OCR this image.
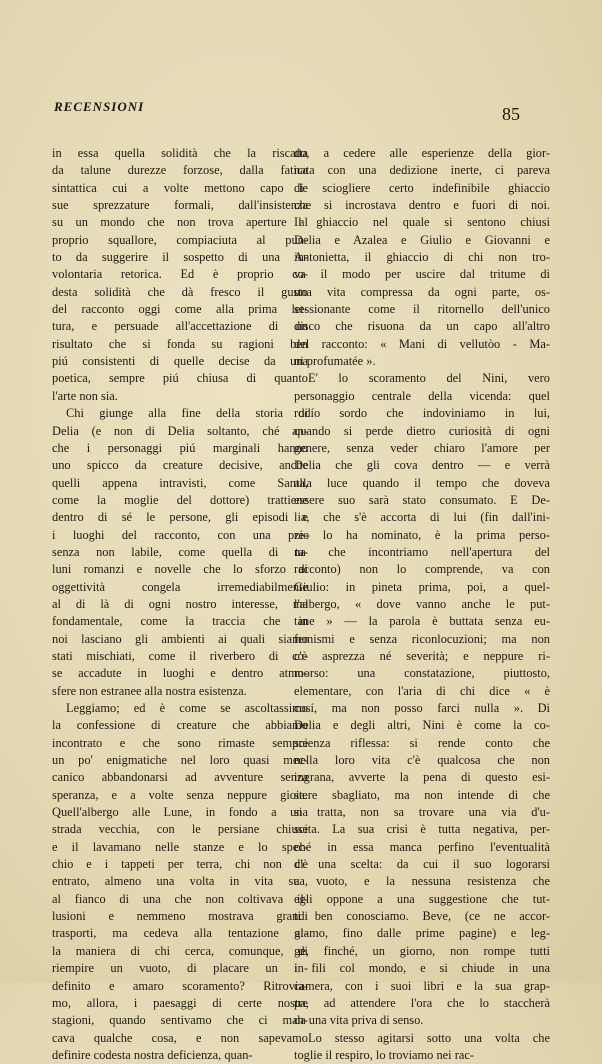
RECENSIONI	85
in essa quella solidità che la riscatta
da talune durezze forzose, dalla fatica
sintattica cui a volte mettono capo le
sue sprezzature formali, dall'insistenza
su un mondo che non trova aperture al
proprio squallore, compiaciuta al pun-
to da suggerire il sospetto di una in-
volontaria retorica. Ed è proprio co-
desta solidità che dà fresco il gusto
del racconto oggi come alla prima let-
tura, e persuade all'accettazione di un
risultato che si fonda su ragioni ben
piú consistenti di quelle decise da una
poetica, sempre piú chiusa di quanto
l'arte non sia.
Chi giunge alla fine della storia di
Delia (e non di Delia soltanto, ché an-
che i personaggi piú marginali hanno
uno spicco da creature decisive, anche
quelli appena intravisti, come Santa,
come la moglie del dottore) trattiene
dentro di sé le persone, gli episodi e
i luoghi del racconto, con una pre-
senza non labile, come quella di ta-
luni romanzi e novelle che lo sforzo di
oggettività congela irremediabilmente
al di là di ogni nostro interesse, ma
fondamentale, come la traccia che in
noi lasciano gli ambienti ai quali siamo
stati mischiati, come il riverbero di co-
se accadute in luoghi e dentro atmo-
sfere non estranee alla nostra esistenza.
Leggiamo; ed è come se ascoltassimo
la confessione di creature che abbiamo
incontrato e che sono rimaste sempre
un po' enigmatiche nel loro quasi mec-
canico abbandonarsi ad avventure senza
speranza, e a volte senza neppure gioia.
Quell'albergo alle Lune, in fondo a una
strada vecchia, con le persiane chiuse
e il lavamano nelle stanze e lo spec-
chio e i tappeti per terra, chi non c'è
entrato, almeno una volta in vita sua,
al fianco di una che non coltivava il-
lusioni e nemmeno mostrava grandi
trasporti, ma cedeva alla tentazione al-
la maniera di chi cerca, comunque, di
riempire un vuoto, di placare un in-
definito e amaro scoramento? Ritrovia-
mo, allora, i paesaggi di certe nostre
stagioni, quando sentivamo che ci man-
cava qualche cosa, e non sapevamo
definire codesta nostra deficienza, quan-
do, a cedere alle esperienze della gior-
nata con una dedizione inerte, ci pareva
di sciogliere certo indefinibile ghiaccio
che si incrostava dentro e fuori di noi.
Il ghiaccio nel quale si sentono chiusi
Delia e Azalea e Giulio e Giovanni e
Antonietta, il ghiaccio di chi non tro-
va il modo per uscire dal tritume di
una vita compressa da ogni parte, os-
sessionante come il ritornello dell'unico
disco che risuona da un capo all'altro
del racconto: « Mani di vellutòo - Ma-
ni profumatée ».
E' lo scoramento del Nini, vero
personaggio centrale della vicenda: quel
rodío sordo che indoviniamo in lui,
quando si perde dietro curiosità di ogni
genere, senza veder chiaro l'amore per
Delia che gli cova dentro — e verrà
alla luce quando il tempo che doveva
essere suo sarà stato consumato. E De-
lia, che s'è accorta di lui (fin dall'ini-
zio lo ha nominato, è la prima perso-
na che incontriamo nell'apertura del
racconto) non lo comprende, va con
Giulio: in pineta prima, poi, a quel-
l'albergo, « dove vanno anche le put-
tane » — la parola è buttata senza eu-
femismi e senza riconlocuzioni; ma non
c'è asprezza né severità; e neppure ri-
morso: una constatazione, piuttosto,
elementare, con l'aria di chi dice « è
cosí, ma non posso farci nulla ». Di
Delia e degli altri, Nini è come la co-
scienza riflessa: si rende conto che
nella loro vita c'è qualcosa che non
ingrana, avverte la pena di questo esi-
stere sbagliato, ma non intende di che
si tratta, non sa trovare una via d'u-
scita. La sua crisi è tutta negativa, per-
ché in essa manca perfino l'eventualità
di una scelta: da cui il suo logorarsi
a vuoto, e la nessuna resistenza che
egli oppone a una suggestione che tut-
ti ben conosciamo. Beve, (ce ne accor-
giamo, fino dalle prime pagine) e leg-
ge, finché, un giorno, non rompe tutti
i fili col mondo, e si chiude in una
camera, con i suoi libri e la sua grap-
pa, ad attendere l'ora che lo staccherà
da una vita priva di senso.
Lo stesso agitarsi sotto una volta che
toglie il respiro, lo troviamo nei rac-
